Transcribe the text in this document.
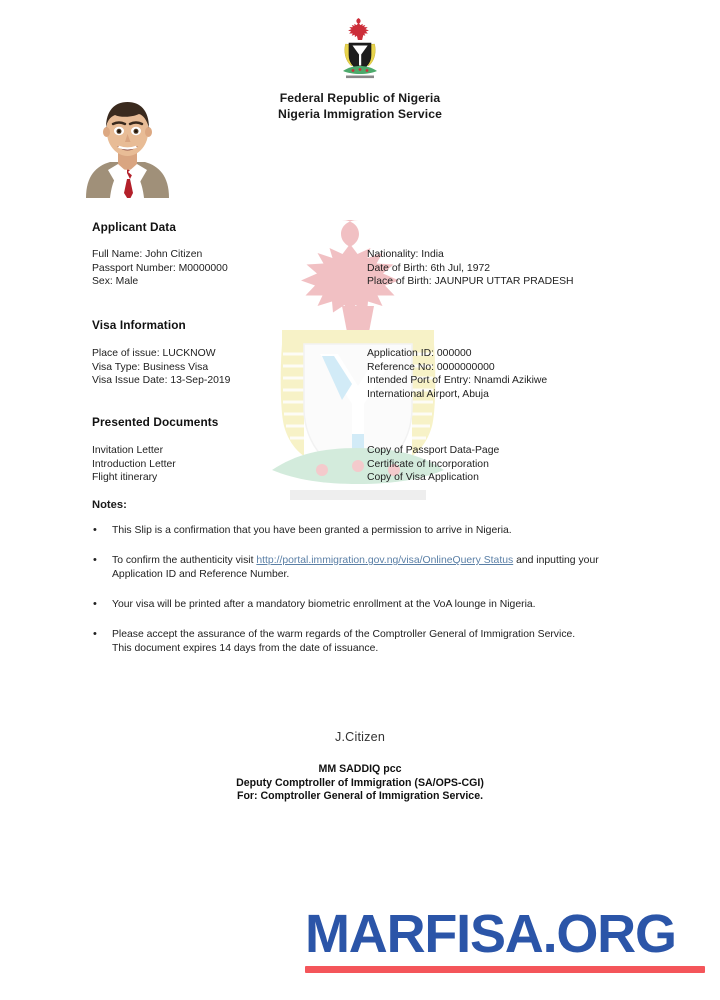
Federal Republic of Nigeria
Nigeria Immigration Service
Applicant Data
Full Name: John Citizen
Passport Number: M0000000
Sex: Male
Nationality: India
Date of Birth: 6th Jul, 1972
Place of Birth: JAUNPUR UTTAR PRADESH
Visa Information
Place of issue: LUCKNOW
Visa Type: Business Visa
Visa Issue Date: 13-Sep-2019
Application ID: 000000
Reference No: 0000000000
Intended Port of Entry: Nnamdi Azikiwe International Airport, Abuja
Presented Documents
Invitation Letter
Introduction Letter
Flight itinerary
Copy of Passport Data-Page
Certificate of Incorporation
Copy of Visa Application
Notes:
• This Slip is a confirmation that you have been granted a permission to arrive in Nigeria.
• To confirm the authenticity visit http://portal.immigration.gov.ng/visa/OnlineQuery Status and inputting your Application ID and Reference Number.
• Your visa will be printed after a mandatory biometric enrollment at the VoA lounge in Nigeria.
• Please accept the assurance of the warm regards of the Comptroller General of Immigration Service.
This document expires 14 days from the date of issuance.
J.Citizen
MM SADDIQ pcc
Deputy Comptroller of Immigration (SA/OPS-CGI)
For: Comptroller General of Immigration Service.
MARFISA.ORG
